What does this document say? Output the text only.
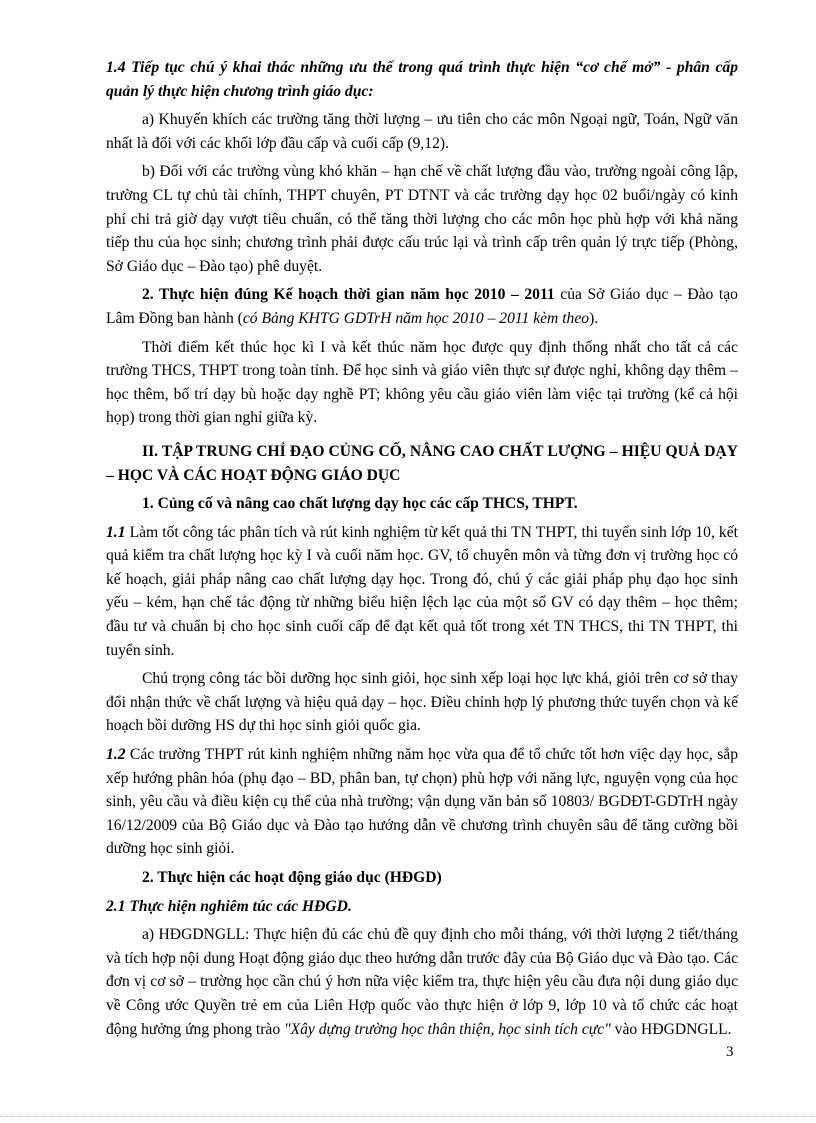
1.4 Tiếp tục chú ý khai thác những ưu thế trong quá trình thực hiện “cơ chế mở” - phân cấp quản lý thực hiện chương trình giáo dục:

a) Khuyến khích các trường tăng thời lượng – ưu tiên cho các môn Ngoại ngữ, Toán, Ngữ văn nhất là đối với các khối lớp đầu cấp và cuối cấp (9,12).

b) Đối với các trường vùng khó khăn – hạn chế về chất lượng đầu vào, trường ngoài công lập, trường CL tự chủ tài chính, THPT chuyên, PT DTNT và các trường dạy học 02 buổi/ngày có kinh phí chi trả giờ dạy vượt tiêu chuẩn, có thể tăng thời lượng cho các môn học phù hợp với khả năng tiếp thu của học sinh; chương trình phải được cấu trúc lại và trình cấp trên quản lý trực tiếp (Phòng, Sở Giáo dục – Đào tạo) phê duyệt.

2. Thực hiện đúng Kế hoạch thời gian năm học 2010 – 2011 của Sở Giáo dục – Đào tạo Lâm Đồng ban hành (có Bảng KHTG GDTrH năm học 2010 – 2011 kèm theo).

Thời điểm kết thúc học kì I và kết thúc năm học được quy định thống nhất cho tất cả các trường THCS, THPT trong toàn tỉnh. Để học sinh và giáo viên thực sự được nghỉ, không dạy thêm – học thêm, bố trí dạy bù hoặc dạy nghề PT; không yêu cầu giáo viên làm việc tại trường (kể cả hội họp) trong thời gian nghỉ giữa kỳ.

II. TẬP TRUNG CHỈ ĐẠO CỦNG CỐ, NÂNG CAO CHẤT LƯỢNG – HIỆU QUẢ DẠY – HỌC VÀ CÁC HOẠT ĐỘNG GIÁO DỤC

1. Củng cố và nâng cao chất lượng dạy học các cấp THCS, THPT.

1.1 Làm tốt công tác phân tích và rút kinh nghiệm từ kết quả thi TN THPT, thi tuyển sinh lớp 10, kết quả kiểm tra chất lượng học kỳ I và cuối năm học. GV, tổ chuyên môn và từng đơn vị trường học có kế hoạch, giải pháp nâng cao chất lượng dạy học. Trong đó, chú ý các giải pháp phụ đạo học sinh yếu – kém, hạn chế tác động từ những biểu hiện lệch lạc của một số GV có dạy thêm – học thêm; đầu tư và chuẩn bị cho học sinh cuối cấp để đạt kết quả tốt trong xét TN THCS, thi TN THPT, thi tuyển sinh.

Chú trọng công tác bồi dưỡng học sinh giỏi, học sinh xếp loại học lực khá, giỏi trên cơ sở thay đổi nhận thức về chất lượng và hiệu quả dạy – học. Điều chỉnh hợp lý phương thức tuyển chọn và kế hoạch bồi dưỡng HS dự thi học sinh giỏi quốc gia.

1.2 Các trường THPT rút kinh nghiệm những năm học vừa qua để tổ chức tốt hơn việc dạy học, sắp xếp hướng phân hóa (phụ đạo – BD, phân ban, tự chọn) phù hợp với năng lực, nguyện vọng của học sinh, yêu cầu và điều kiện cụ thể của nhà trường; vận dụng văn bản số 10803/ BGDĐT-GDTrH ngày 16/12/2009 của Bộ Giáo dục và Đào tạo hướng dẫn về chương trình chuyên sâu để tăng cường bồi dưỡng học sinh giỏi.

2. Thực hiện các hoạt động giáo dục (HĐGD)

2.1 Thực hiện nghiêm túc các HĐGD.

a) HĐGDNGLL: Thực hiện đủ các chủ đề quy định cho mỗi tháng, với thời lượng 2 tiết/tháng và tích hợp nội dung Hoạt động giáo dục theo hướng dẫn trước đây của Bộ Giáo dục và Đào tạo. Các đơn vị cơ sở – trường học cần chú ý hơn nữa việc kiểm tra, thực hiện yêu cầu đưa nội dung giáo dục về Công ước Quyền trẻ em của Liên Hợp quốc vào thực hiện ở lớp 9, lớp 10 và tổ chức các hoạt động hưởng ứng phong trào "Xây dựng trường học thân thiện, học sinh tích cực" vào HĐGDNGLL.

3
